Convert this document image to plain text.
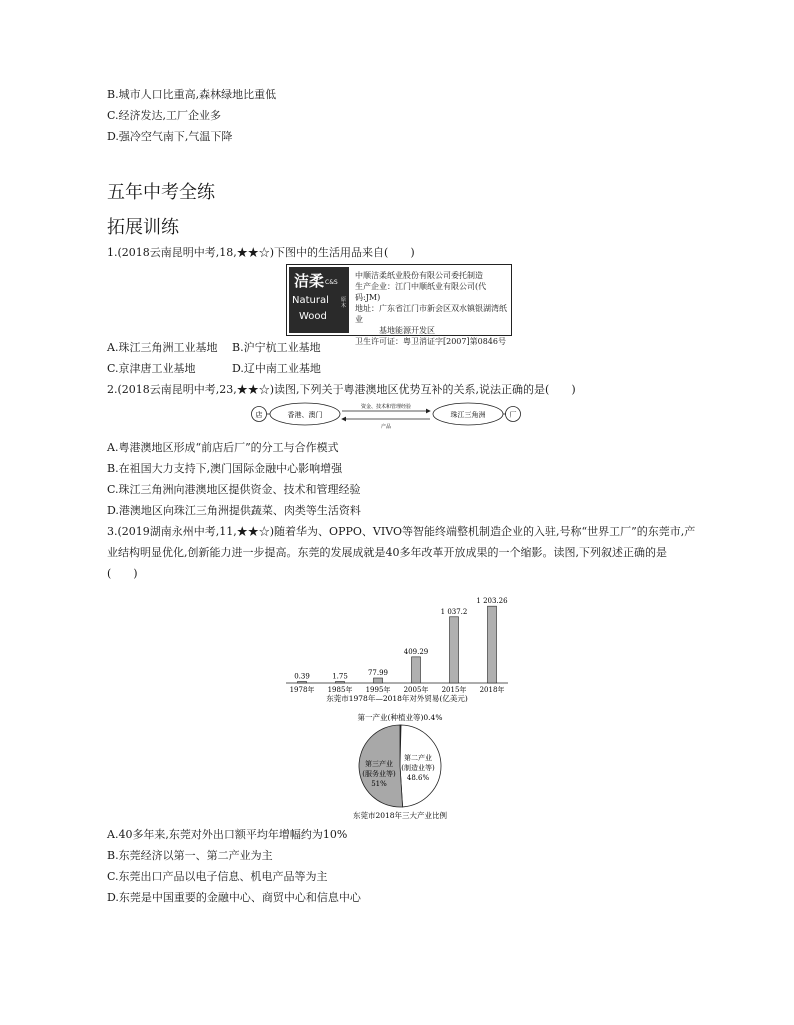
B.城市人口比重高,森林绿地比重低
C.经济发达,工厂企业多
D.强冷空气南下,气温下降
五年中考全练
拓展训练
1.(2018云南昆明中考,18,★★☆)下图中的生活用品来自(　　)
洁柔 C&S
Natural
Wood
原木
中顺洁柔纸业股份有限公司委托制造
生产企业：江门中顺纸业有限公司(代码:JM)
地址：广东省江门市新会区双水镇银湖湾纸业
　　　基地能源开发区
卫生许可证：粤卫消证字[2007]第0846号
A.珠江三角洲工业基地 B.沪宁杭工业基地
C.京津唐工业基地	D.辽中南工业基地
2.(2018云南昆明中考,23,★★☆)读图,下列关于粤港澳地区优势互补的关系,说法正确的是(　　)
店	香港、澳门
资金、技术和管理经验
产品
珠江三角洲	厂
A.粤港澳地区形成“前店后厂”的分工与合作模式
B.在祖国大力支持下,澳门国际金融中心影响增强
C.珠江三角洲向港澳地区提供资金、技术和管理经验
D.港澳地区向珠江三角洲提供蔬菜、肉类等生活资料
3.(2019湖南永州中考,11,★★☆)随着华为、OPPO、VIVO等智能终端整机制造企业的入驻,号称“世界工厂”的东莞市,产
业结构明显优化,创新能力进一步提高。东莞的发展成就是40多年改革开放成果的一个缩影。读图,下列叙述正确的是
(　　)
0.39
1978年
1.75
1985年
77.99
1995年
409.29
2005年
1 037.2
2015年
1 203.26
2018年
东莞市1978年—2018年对外贸易(亿美元)
第一产业(种植业等)0.4%
第三产业
(服务业等)
51%
第二产业
(制造业等)
48.6%
东莞市2018年三大产业比例
A.40多年来,东莞对外出口额平均年增幅约为10%
B.东莞经济以第一、第二产业为主
C.东莞出口产品以电子信息、机电产品等为主
D.东莞是中国重要的金融中心、商贸中心和信息中心
